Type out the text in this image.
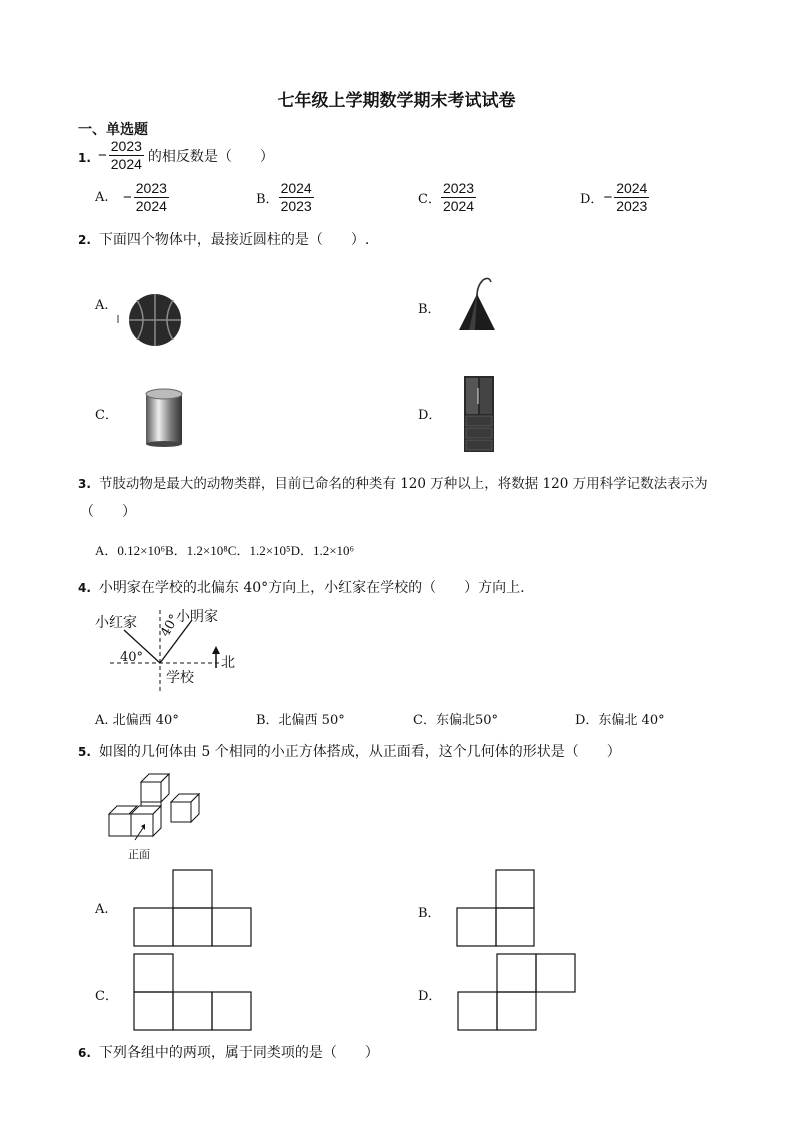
七年级上学期数学期末考试试卷
一、单选题
1. − $\frac{2023}{2024}$ 的相反数是（　　）
A. − $\frac{2023}{2024}$	B． $\frac{2024}{2023}$	C． $\frac{2023}{2024}$	D．− $\frac{2024}{2023}$
2. 下面四个物体中，最接近圆柱的是（　　）.
A.	B．
C．	D．
3. 节肢动物是最大的动物类群，目前已命名的种类有 120 万种以上，将数据 120 万用科学记数法表示为
（　　）
A．0.12×10⁶B．1.2×10⁸C．1.2×10⁵D．1.2×10⁶
4. 小明家在学校的北偏东 40°方向上，小红家在学校的（　　）方向上.
小红家	小明家
40°
40°
北
学校
A. 北偏西 40°	B．北偏西 50°	C．东偏北50°	D．东偏北 40°
5. 如图的几何体由 5 个相同的小正方体搭成，从正面看，这个几何体的形状是（　　）
正面
A.	B．
C．	D．
6. 下列各组中的两项，属于同类项的是（　　）
